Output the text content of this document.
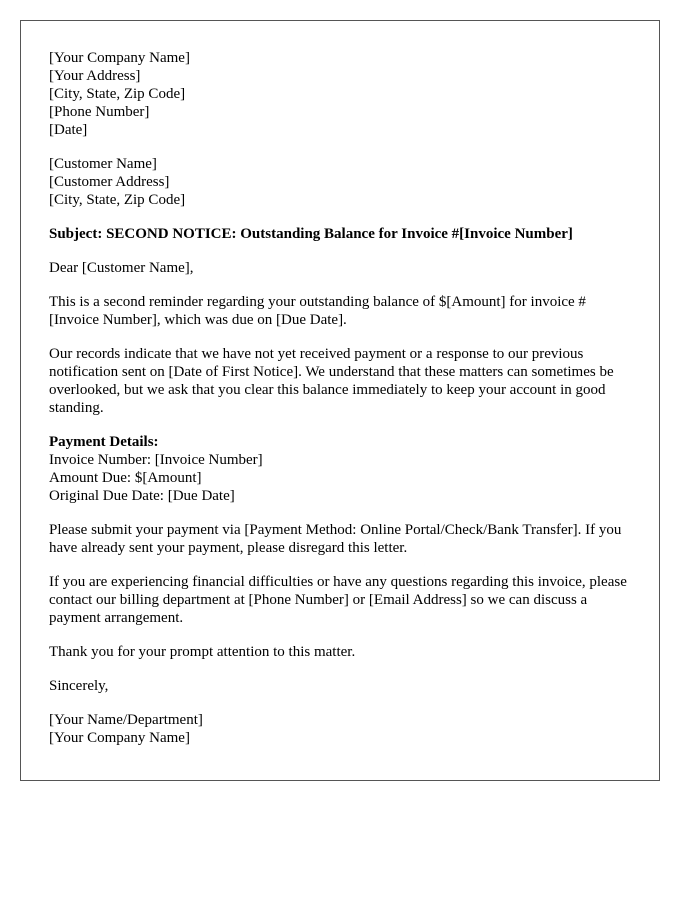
[Your Company Name]
[Your Address]
[City, State, Zip Code]
[Phone Number]
[Date]
[Customer Name]
[Customer Address]
[City, State, Zip Code]

Subject: SECOND NOTICE: Outstanding Balance for Invoice #[Invoice Number]

Dear [Customer Name],

This is a second reminder regarding your outstanding balance of $[Amount] for invoice #[Invoice Number], which was due on [Due Date].

Our records indicate that we have not yet received payment or a response to our previous notification sent on [Date of First Notice]. We understand that these matters can sometimes be overlooked, but we ask that you clear this balance immediately to keep your account in good standing.

Payment Details:
Invoice Number: [Invoice Number]
Amount Due: $[Amount]
Original Due Date: [Due Date]

Please submit your payment via [Payment Method: Online Portal/Check/Bank Transfer]. If you have already sent your payment, please disregard this letter.

If you are experiencing financial difficulties or have any questions regarding this invoice, please contact our billing department at [Phone Number] or [Email Address] so we can discuss a payment arrangement.

Thank you for your prompt attention to this matter.

Sincerely,

[Your Name/Department]
[Your Company Name]
